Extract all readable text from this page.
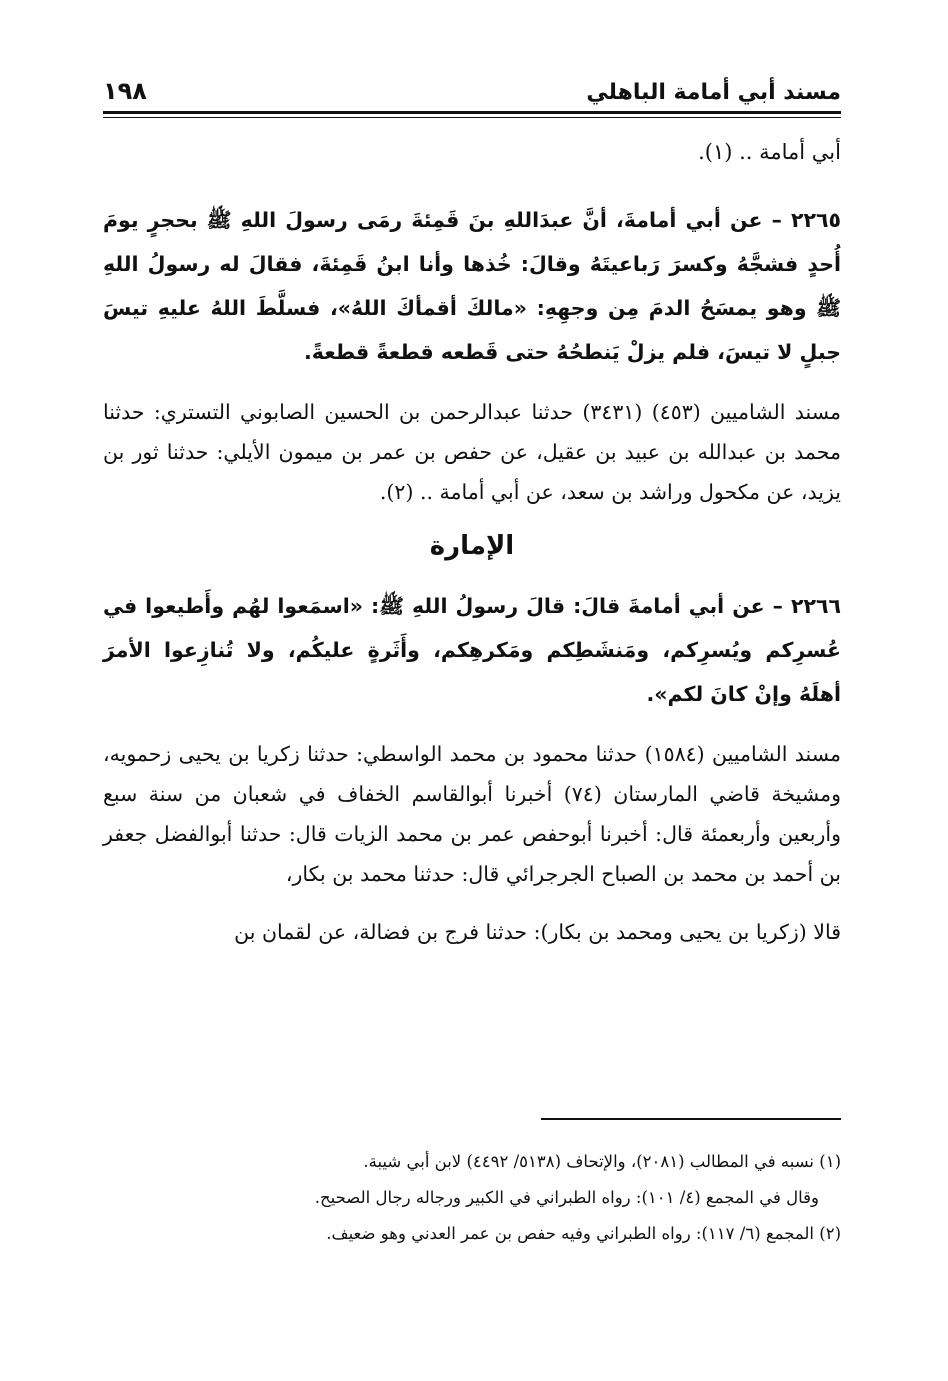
مسند أبي أمامة الباهلي
١٩٨

أبي أمامة .. (١).

٢٢٦٥ – عن أبي أمامةَ، أنَّ عبدَاللهِ بنَ قَمِئةَ رمَى رسولَ اللهِ ﷺ بحجرٍ يومَ أُحدٍ فشجَّهُ وكسرَ رَباعيتَهُ وقالَ: خُذها وأنا ابنُ قَمِئةَ، فقالَ له رسولُ اللهِ ﷺ وهو يمسَحُ الدمَ مِن وجهِهِ: «مالكَ أقمأكَ اللهُ»، فسلَّطَ اللهُ عليهِ تيسَ جبلٍ لا تيسَ، فلم يزلْ يَنطحُهُ حتى قَطعه قطعةً قطعةً.

مسند الشاميين (٤٥٣) (٣٤٣١) حدثنا عبدالرحمن بن الحسين الصابوني التستري: حدثنا محمد بن عبدالله بن عبيد بن عقيل، عن حفص بن عمر بن ميمون الأيلي: حدثنا ثور بن يزيد، عن مكحول وراشد بن سعد، عن أبي أمامة .. (٢).

الإمارة

٢٢٦٦ – عن أبي أمامةَ قالَ: قالَ رسولُ اللهِ ﷺ: «اسمَعوا لهُم وأَطيعوا في عُسرِكم ويُسرِكم، ومَنشَطِكم ومَكرهِكم، وأَثَرةٍ عليكُم، ولا تُنازِعوا الأمرَ أهلَهُ وإنْ كانَ لكم».

مسند الشاميين (١٥٨٤) حدثنا محمود بن محمد الواسطي: حدثنا زكريا بن يحيى زحمويه، ومشيخة قاضي المارستان (٧٤) أخبرنا أبوالقاسم الخفاف في شعبان من سنة سبع وأربعين وأربعمئة قال: أخبرنا أبوحفص عمر بن محمد الزيات قال: حدثنا أبوالفضل جعفر بن أحمد بن محمد بن الصباح الجرجرائي قال: حدثنا محمد بن بكار،

قالا (زكريا بن يحيى ومحمد بن بكار): حدثنا فرج بن فضالة، عن لقمان بن

(١) نسبه في المطالب (٢٠٨١)، والإتحاف (٥١٣٨/ ٤٤٩٢) لابن أبي شيبة.

وقال في المجمع (٤/ ١٠١): رواه الطبراني في الكبير ورجاله رجال الصحيح.

(٢) المجمع (٦/ ١١٧): رواه الطبراني وفيه حفص بن عمر العدني وهو ضعيف.
